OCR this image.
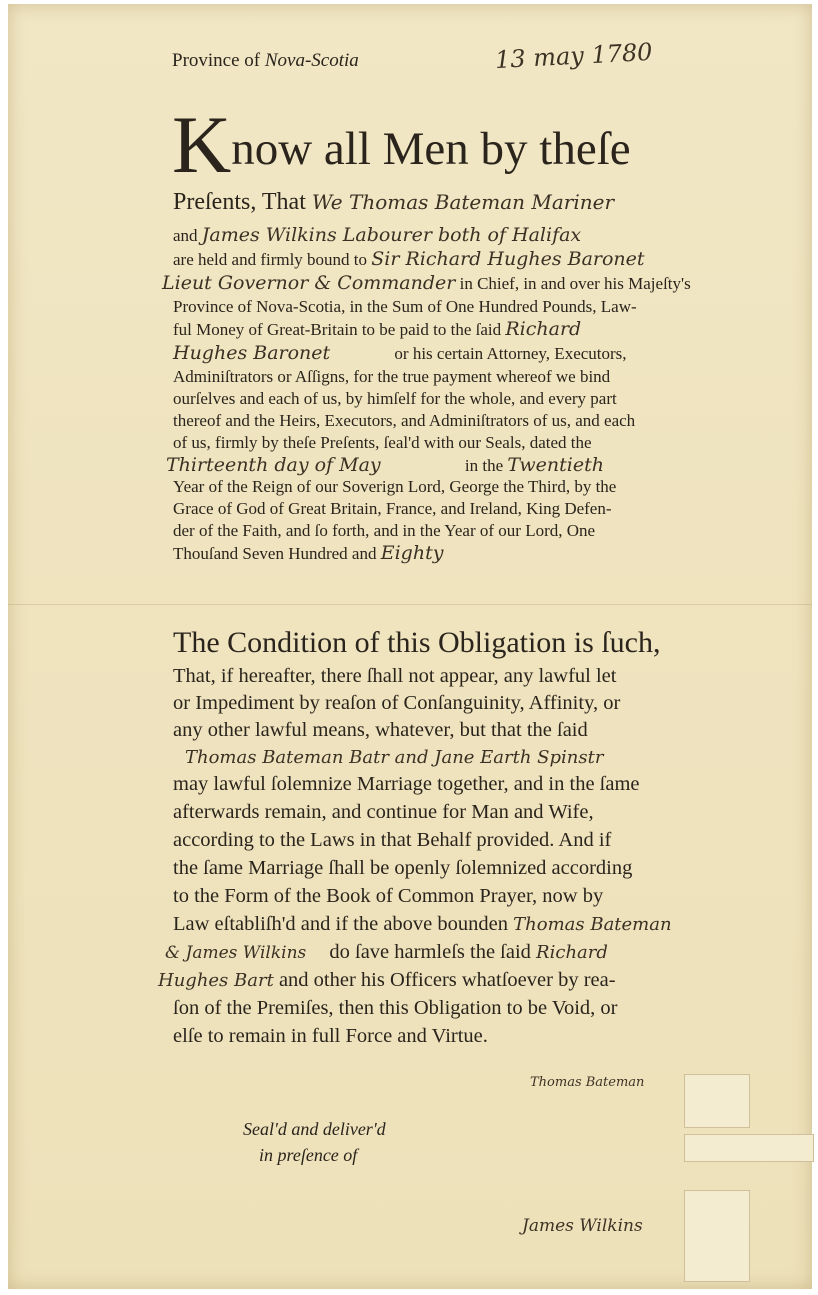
Province of Nova-Scotia	13 may 1780
Know all Men by theſe
Preſents, That We Thomas Bateman Mariner
and James Wilkins Labourer both of Halifax
are held and firmly bound to Sir Richard Hughes Baronet
Lieut Governor & Commander in Chief, in and over his Majeſty's
Province of Nova-Scotia, in the Sum of One Hundred Pounds, Law-
ful Money of Great-Britain to be paid to the ſaid Richard
Hughes Baronet	or his certain Attorney, Executors,
Adminiſtrators or Aſſigns, for the true payment whereof we bind
ourſelves and each of us, by himſelf for the whole, and every part
thereof and the Heirs, Executors, and Adminiſtrators of us, and each
of us, firmly by theſe Preſents, ſeal'd with our Seals, dated the
Thirteenth day of May	in the Twentieth
Year of the Reign of our Soverign Lord, George the Third, by the
Grace of God of Great Britain, France, and Ireland, King Defen-
der of the Faith, and ſo forth, and in the Year of our Lord, One
Thouſand Seven Hundred and Eighty
The Condition of this Obligation is ſuch,
That, if hereafter, there ſhall not appear, any lawful let
or Impediment by reaſon of Conſanguinity, Affinity, or
any other lawful means, whatever, but that the ſaid
Thomas Bateman Batr and Jane Earth Spinstr
may lawful ſolemnize Marriage together, and in the ſame
afterwards remain, and continue for Man and Wife,
according to the Laws in that Behalf provided. And if
the ſame Marriage ſhall be openly ſolemnized according
to the Form of the Book of Common Prayer, now by
Law eſtabliſh'd and if the above bounden Thomas Bateman
& James Wilkins do ſave harmleſs the ſaid Richard
Hughes Bart and other his Officers whatſoever by rea-
ſon of the Premiſes, then this Obligation to be Void, or
elſe to remain in full Force and Virtue.
Seal'd and deliver'd
in preſence of
Thomas Bateman
James Wilkins
